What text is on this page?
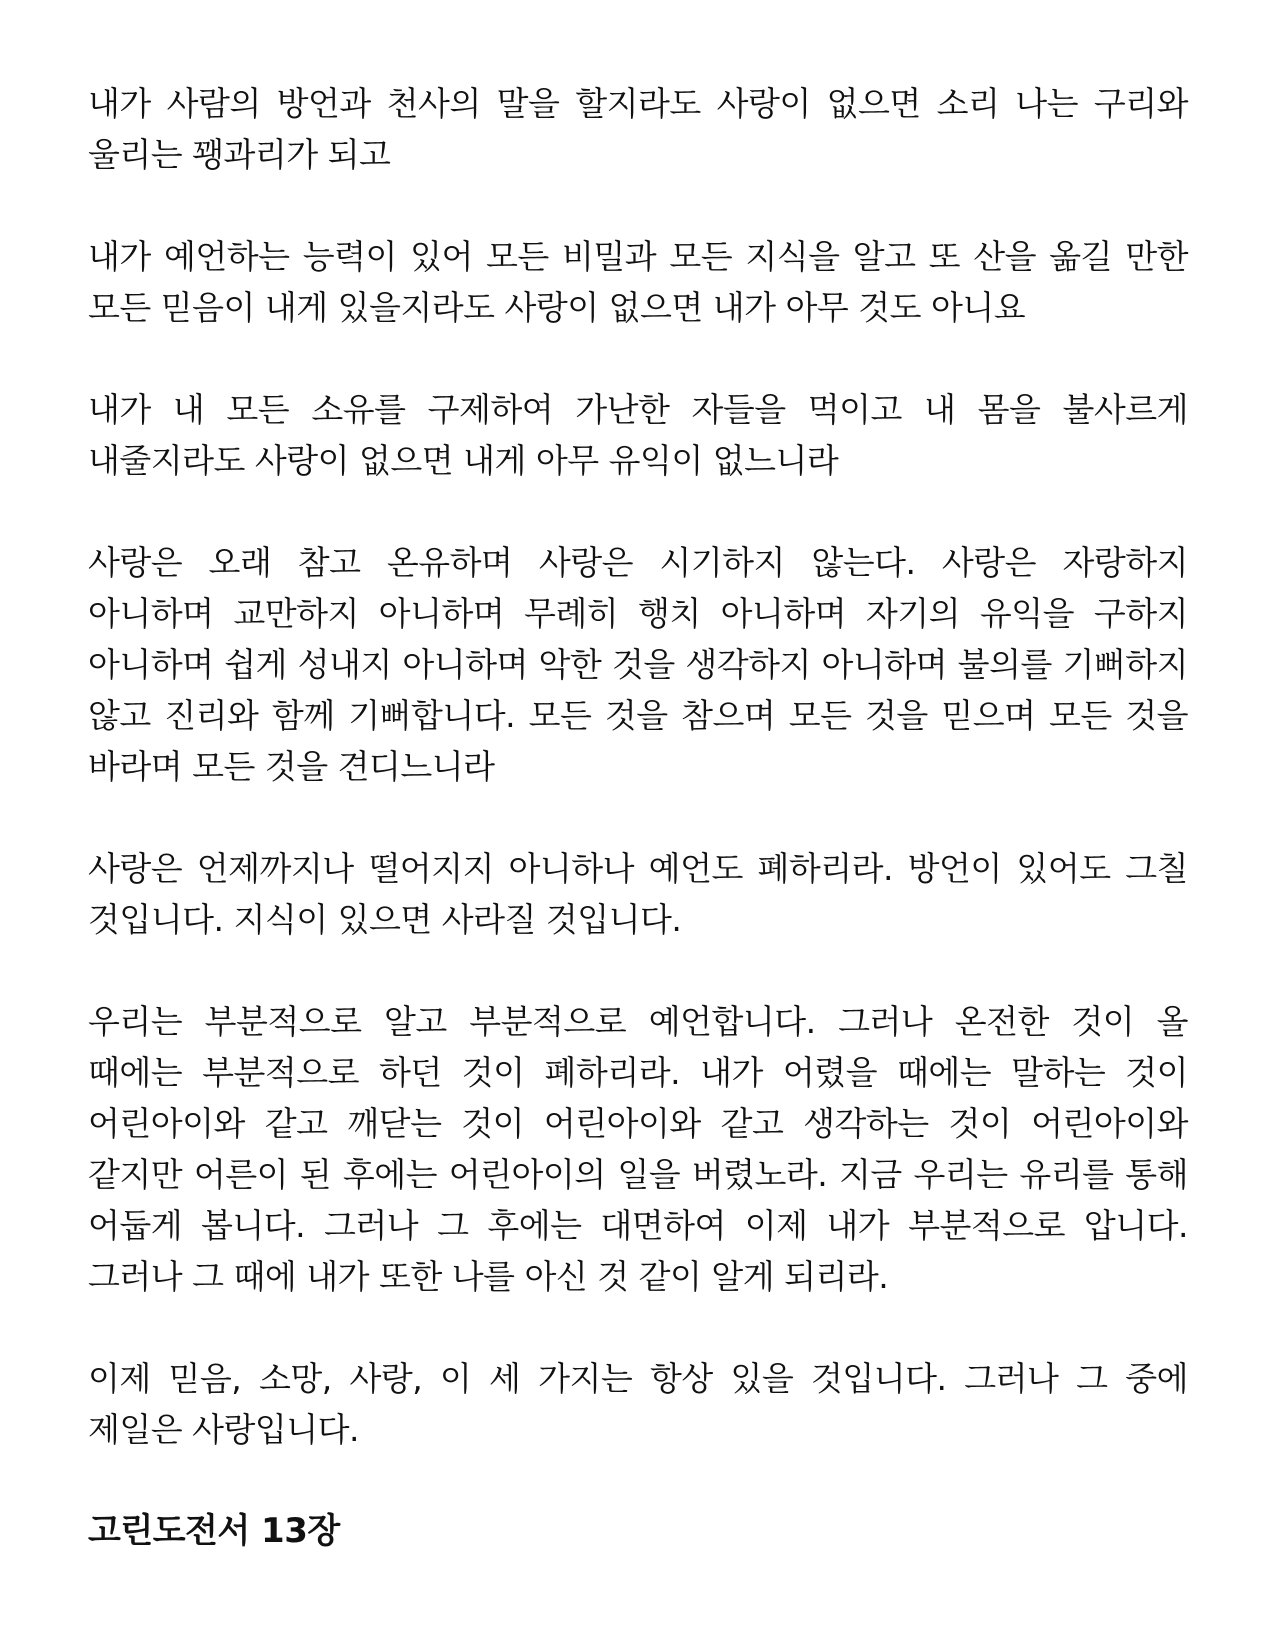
내가 사람의 방언과 천사의 말을 할지라도 사랑이 없으면 소리 나는 구리와 울리는 꽹과리가 되고

내가 예언하는 능력이 있어 모든 비밀과 모든 지식을 알고 또 산을 옮길 만한 모든 믿음이 내게 있을지라도 사랑이 없으면 내가 아무 것도 아니요

내가 내 모든 소유를 구제하여 가난한 자들을 먹이고 내 몸을 불사르게 내줄지라도 사랑이 없으면 내게 아무 유익이 없느니라

사랑은 오래 참고 온유하며 사랑은 시기하지 않는다. 사랑은 자랑하지 아니하며 교만하지 아니하며 무례히 행치 아니하며 자기의 유익을 구하지 아니하며 쉽게 성내지 아니하며 악한 것을 생각하지 아니하며 불의를 기뻐하지 않고 진리와 함께 기뻐합니다. 모든 것을 참으며 모든 것을 믿으며 모든 것을 바라며 모든 것을 견디느니라

사랑은 언제까지나 떨어지지 아니하나 예언도 폐하리라. 방언이 있어도 그칠 것입니다. 지식이 있으면 사라질 것입니다.

우리는 부분적으로 알고 부분적으로 예언합니다. 그러나 온전한 것이 올 때에는 부분적으로 하던 것이 폐하리라. 내가 어렸을 때에는 말하는 것이 어린아이와 같고 깨닫는 것이 어린아이와 같고 생각하는 것이 어린아이와 같지만 어른이 된 후에는 어린아이의 일을 버렸노라. 지금 우리는 유리를 통해 어둡게 봅니다. 그러나 그 후에는 대면하여 이제 내가 부분적으로 압니다. 그러나 그 때에 내가 또한 나를 아신 것 같이 알게 되리라.

이제 믿음, 소망, 사랑, 이 세 가지는 항상 있을 것입니다. 그러나 그 중에 제일은 사랑입니다.

고린도전서 13장
